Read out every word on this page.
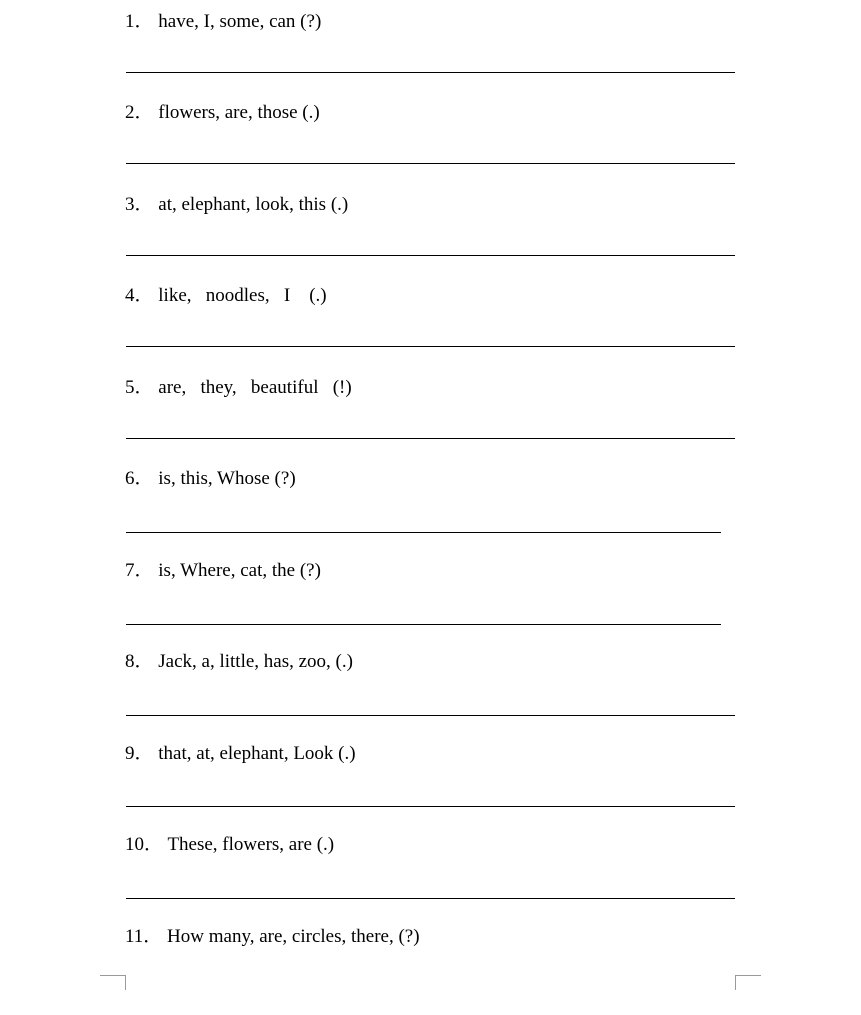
1． have, I, some, can (?)
2． flowers, are, those (.)
3． at, elephant, look, this (.)
4． like,   noodles,   I    (.)
5． are,   they,   beautiful   (!)
6． is, this, Whose (?)
7． is, Where, cat, the (?)
8． Jack, a, little, has, zoo, (.)
9． that, at, elephant, Look (.)
10． These, flowers, are (.)
11． How many, are, circles, there, (?)
